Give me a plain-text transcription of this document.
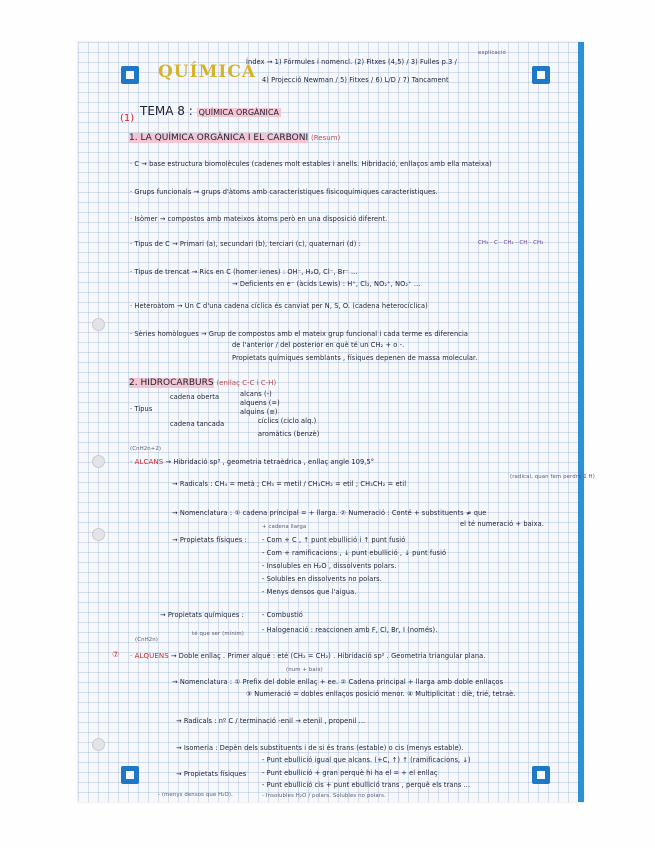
QUÍMICA
Índex → 1) Fórmules i nomencl. (2) Fitxes (4,5) / 3) Fulles p.3 /
explicació
4) Projecció Newman / 5) Fitxes / 6) L/D / 7) Tancament
(1)
TEMA 8 : QUÍMICA ORGÀNICA
1. LA QUÍMICA ORGÀNICA I EL CARBONI (Resum)
· C → base estructura biomolècules (cadenes molt estables i anells. Hibridació, enllaços amb ella mateixa)
· Grups funcionals → grups d'àtoms amb característiques fisicoquímiques característiques.
· Isòmer → compostos amb mateixos àtoms però en una disposició diferent.
· Tipus de C → Primari (a), secundari (b), terciari (c), quaternari (d) :	CH₃ - C - CH₂ - CH - CH₃
· Tipus de trencat → Rics en C (homer ienes) : OH⁻, H₂O, Cl⁻, Br⁻ ...
→ Deficients en e⁻ (àcids Lewis) : H⁺, Cl₂, NO₂⁺, NO₂⁺ ...
· Heteroàtom → Un C d'una cadena cíclica és canviat per N, S, O. (cadena heterocíclica)
· Sèries homòlogues → Grup de compostos amb el mateix grup funcional i cada terme es diferencia
de l'anterior / del posterior en què té un CH₂ + o -.
Propietats químiques semblants , físiques depenen de massa molecular.
2. HIDROCARBURS (enllaç C-C i C-H)
· Tipus
cadena oberta	alcans (-)
alquens (=)
alquins (≡)
cadena tancada	cíclics (ciclo alq.)
aromàtics (benzè)
(CnH2n+2)
· ALCANS → Hibridació sp³ , geometria tetraèdrica , enllaç angle 109,5°
→ Radicals : CH₄ = metà ; CH₃ = metil / CH₃CH₂ = etil ; CH₃CH₂ = etil
(radical, quan fem perdre 1 H)
→ Nomenclatura : ① cadena principal = + llarga. ② Numeració : Conté + substituents ≠ que
el té numeració + baixa.
+ cadena llarga
→ Propietats físiques : - Com + C , ↑ punt ebullició i ↑ punt fusió
- Com + ramificacions , ↓ punt ebullició , ↓ punt fusió
- Insolubles en H₂O , dissolvents polars.
- Solubles en dissolvents no polars.
- Menys densos que l'aigua.
→ Propietats químiques :	- Combustió
- Halogenació : reaccionen amb F, Cl, Br, I (només).
(CnH2n)
té que ser (mínim)
⑦ · ALQUENS → Doble enllaç . Primer alqué : eté (CH₂ = CH₂) . Hibridació sp² . Geometria triangular plana.
(num + baix)
→ Nomenclatura : ① Prefix del doble enllaç + ee. ② Cadena principal + llarga amb doble enllaços
③ Numeració = dobles enllaços posició menor. ④ Multiplicitat : diè, trié, tetraè.
→ Radicals : nº C / terminació -enil → etenil , propenil ...
→ Isomeria : Depèn dels substituents i de si és trans (estable) o cis (menys estable).
- Punt ebullició igual que alcans. (+C, ↑) ↑ (ramificacions, ↓)
→ Propietats físiques - Punt ebullició + gran perquè hi ha el = + el enllaç
- Punt ebullició cis + punt ebullició trans , perquè els trans ...
- (menys densos que H₂O).	- Insolubles H₂O / polars. Solubles no polars.
